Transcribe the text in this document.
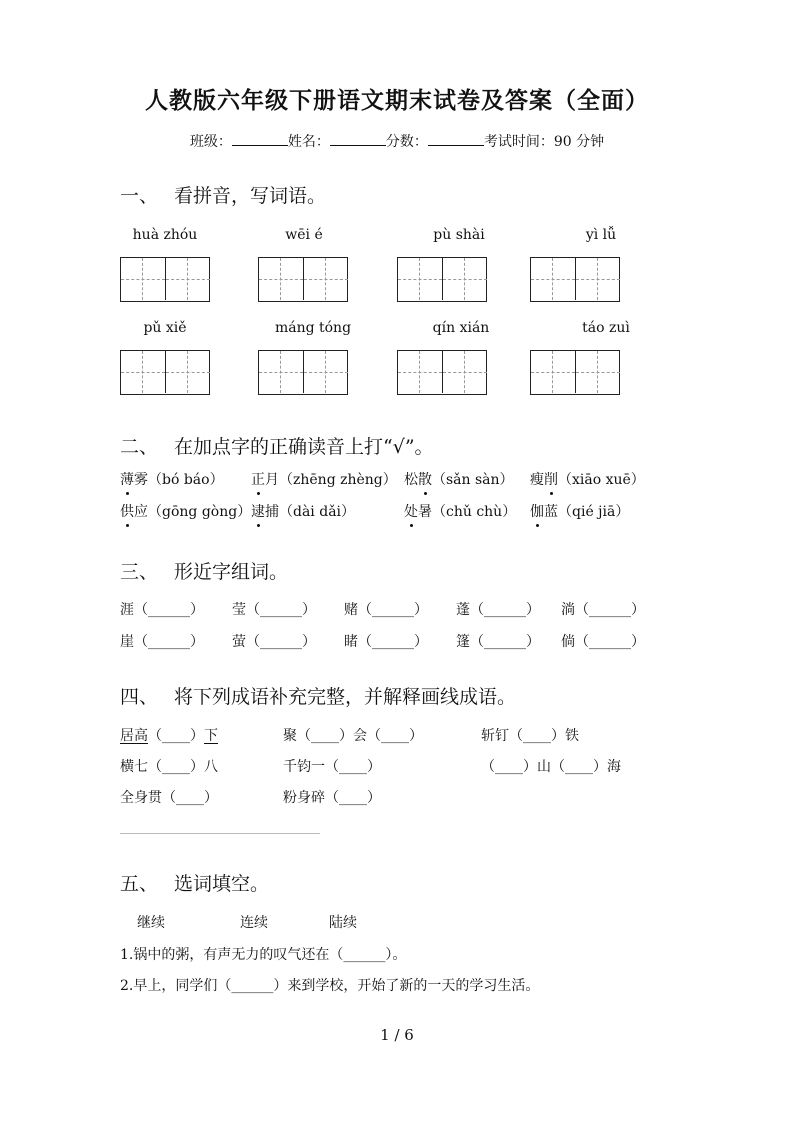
人教版六年级下册语文期末试卷及答案（全面）
班级：	姓名：	分数：	考试时间：90 分钟
一、 看拼音，写词语。
huà zhóu	wēi é	pù shài	yì lǚ
pǔ xiě	máng tóng	qín xián	táo zuì
二、 在加点字的正确读音上打“√”。
薄雾（bó báo） 正月（zhēng zhèng） 松散（sǎn sàn） 瘦削（xiāo xuē）
供应（gōng gòng） 逮捕（dài dǎi）	处暑（chǔ chù） 伽蓝（qié jiā）
三、 形近字组词。
涯（______） 莹（______） 赌（______） 蓬（______） 淌（______）
崖（______） 萤（______） 睹（______） 篷（______） 倘（______）
四、 将下列成语补充完整，并解释画线成语。
居高（____）下	聚（____）会（____）	斩钉（____）铁
横七（____）八	千钧一（____）	（____）山（____）海
全身贯（____）	粉身碎（____）
五、 选词填空。
继续	连续	陆续
1.锅中的粥，有声无力的叹气还在（______）。
2.早上，同学们（______）来到学校，开始了新的一天的学习生活。
1 / 6
